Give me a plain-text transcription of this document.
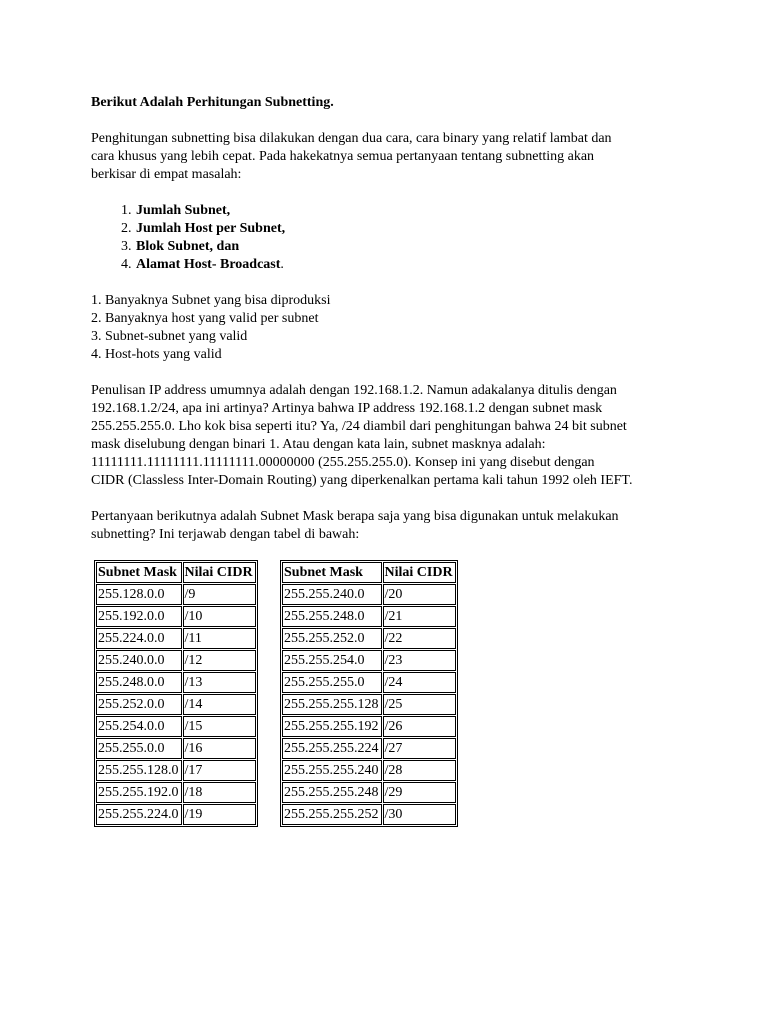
Berikut Adalah Perhitungan Subnetting.

Penghitungan subnetting bisa dilakukan dengan dua cara, cara binary yang relatif lambat dan

cara khusus yang lebih cepat. Pada hakekatnya semua pertanyaan tentang subnetting akan

berkisar di empat masalah:

1. Jumlah Subnet,
2. Jumlah Host per Subnet,
3. Blok Subnet, dan
4. Alamat Host- Broadcast.
1. Banyaknya Subnet yang bisa diproduksi
2. Banyaknya host yang valid per subnet
3. Subnet-subnet yang valid
4. Host-hots yang valid

Penulisan IP address umumnya adalah dengan 192.168.1.2. Namun adakalanya ditulis dengan

192.168.1.2/24, apa ini artinya? Artinya bahwa IP address 192.168.1.2 dengan subnet mask

255.255.255.0. Lho kok bisa seperti itu? Ya, /24 diambil dari penghitungan bahwa 24 bit subnet

mask diselubung dengan binari 1. Atau dengan kata lain, subnet masknya adalah:

11111111.11111111.11111111.00000000 (255.255.255.0). Konsep ini yang disebut dengan

CIDR (Classless Inter-Domain Routing) yang diperkenalkan pertama kali tahun 1992 oleh IEFT.

Pertanyaan berikutnya adalah Subnet Mask berapa saja yang bisa digunakan untuk melakukan

subnetting? Ini terjawab dengan tabel di bawah:

Subnet Mask	Nilai CIDR
255.128.0.0	/9
255.192.0.0	/10
255.224.0.0	/11
255.240.0.0	/12
255.248.0.0	/13
255.252.0.0	/14
255.254.0.0	/15
255.255.0.0	/16
255.255.128.0	/17
255.255.192.0	/18
255.255.224.0	/19
Subnet Mask	Nilai CIDR
255.255.240.0	/20
255.255.248.0	/21
255.255.252.0	/22
255.255.254.0	/23
255.255.255.0	/24
255.255.255.128	/25
255.255.255.192	/26
255.255.255.224	/27
255.255.255.240	/28
255.255.255.248	/29
255.255.255.252	/30
